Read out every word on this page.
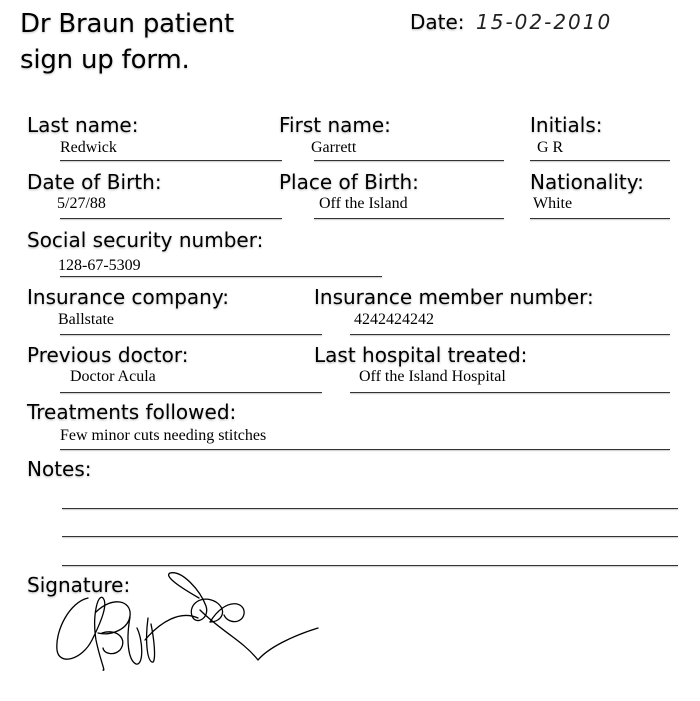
Dr Braun patient
sign up form.
Date: 15-02-2010
Last name:
Redwick
First name:
Garrett
Initials:
G R
Date of Birth:
5/27/88
Place of Birth:
Off the Island
Nationality:
White
Social security number:
128-67-5309
Insurance company:
Ballstate
Insurance member number:
4242424242
Previous doctor:
Doctor Acula
Last hospital treated:
Off the Island Hospital
Treatments followed:
Few minor cuts needing stitches
Notes:
Signature:
